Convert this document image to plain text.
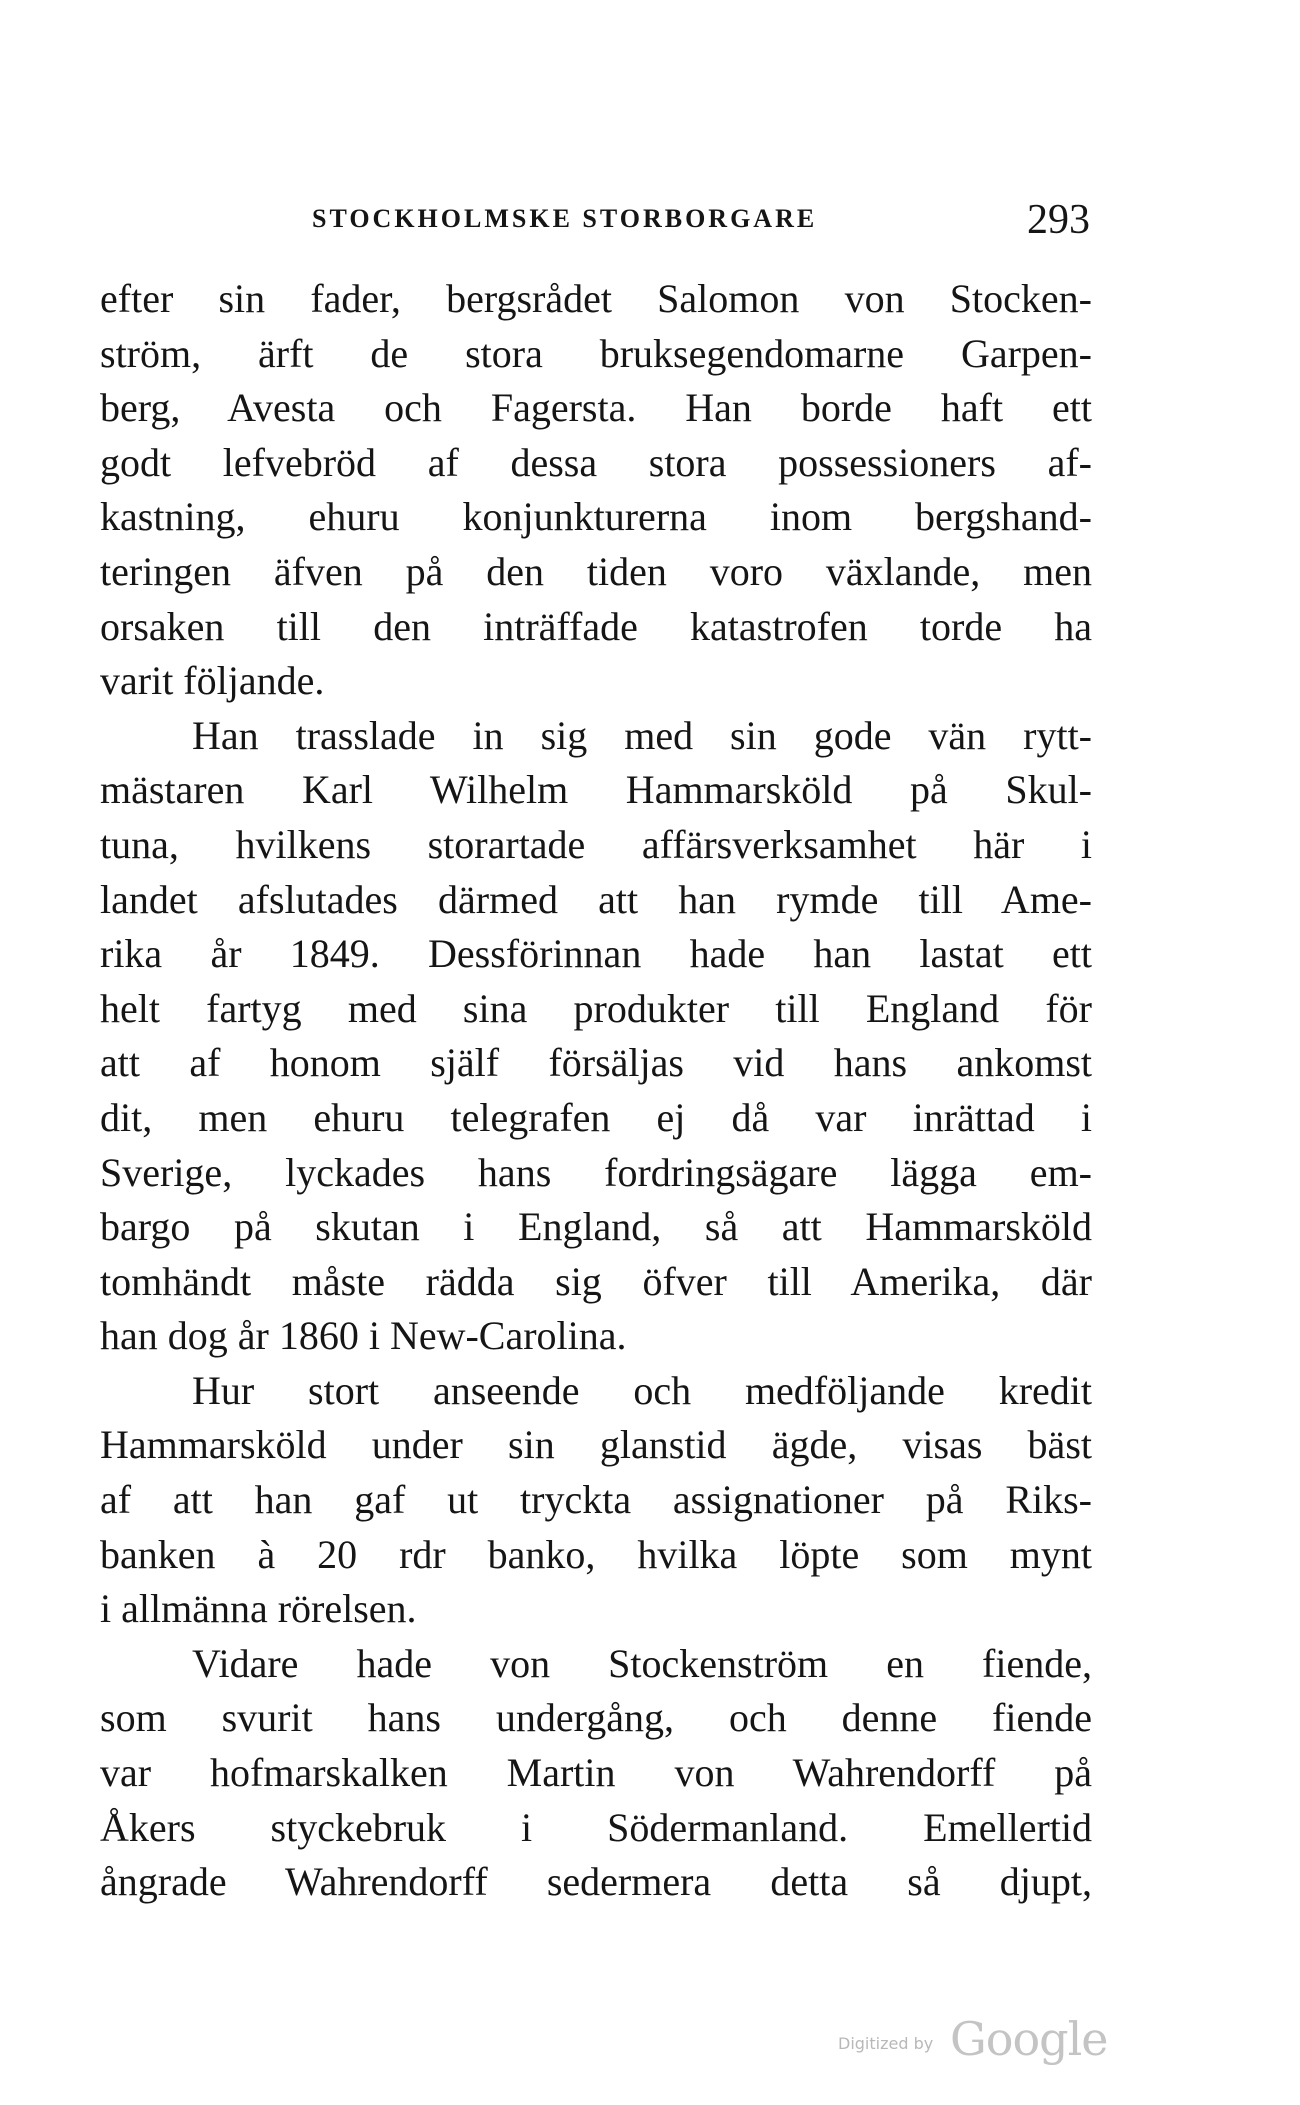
STOCKHOLMSKE STORBORGARE	293
efter sin fader, bergsrådet Salomon von Stocken-
ström, ärft de stora bruksegendomarne Garpen-
berg, Avesta och Fagersta. Han borde haft ett
godt lefvebröd af dessa stora possessioners af-
kastning, ehuru konjunkturerna inom bergshand-
teringen äfven på den tiden voro växlande, men
orsaken till den inträffade katastrofen torde ha
varit följande.
Han trasslade in sig med sin gode vän rytt-
mästaren Karl Wilhelm Hammarsköld på Skul-
tuna, hvilkens storartade affärsverksamhet här i
landet afslutades därmed att han rymde till Ame-
rika år 1849. Dessförinnan hade han lastat ett
helt fartyg med sina produkter till England för
att af honom själf försäljas vid hans ankomst
dit, men ehuru telegrafen ej då var inrättad i
Sverige, lyckades hans fordringsägare lägga em-
bargo på skutan i England, så att Hammarsköld
tomhändt måste rädda sig öfver till Amerika, där
han dog år 1860 i New-Carolina.
Hur stort anseende och medföljande kredit
Hammarsköld under sin glanstid ägde, visas bäst
af att han gaf ut tryckta assignationer på Riks-
banken à 20 rdr banko, hvilka löpte som mynt
i allmänna rörelsen.
Vidare hade von Stockenström en fiende,
som svurit hans undergång, och denne fiende
var hofmarskalken Martin von Wahrendorff på
Åkers styckebruk i Södermanland. Emellertid
ångrade Wahrendorff sedermera detta så djupt,
Digitized by Google
